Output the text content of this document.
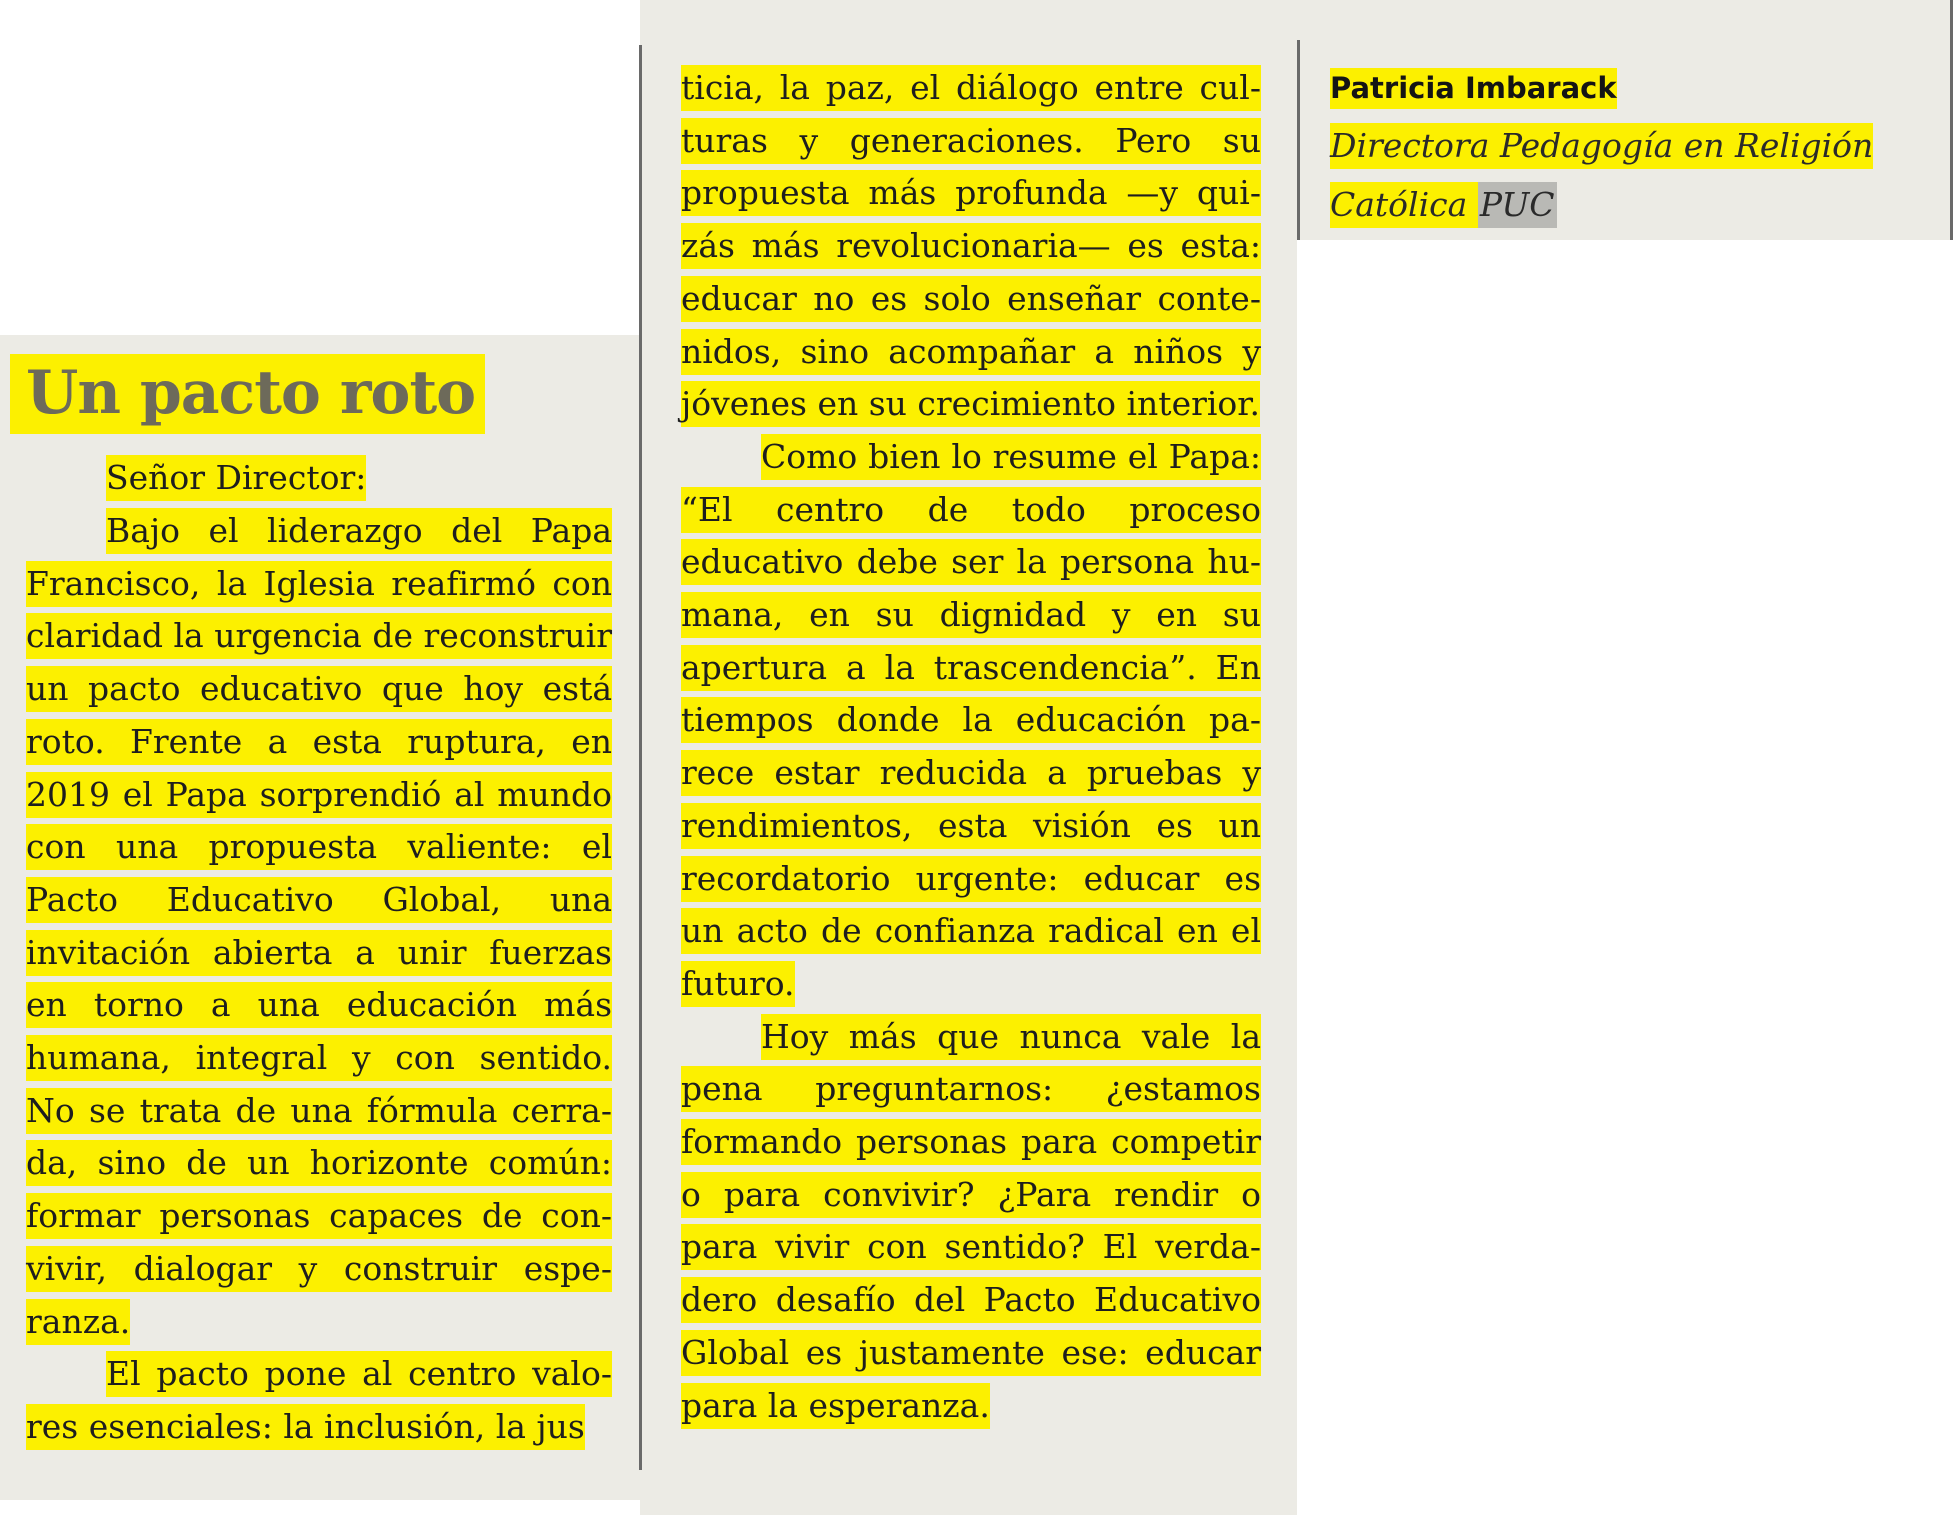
Un pacto roto

Señor Director:

Bajo el liderazgo del Papa Francisco, la Iglesia reafirmó con claridad la urgencia de reconstruir un pacto educativo que hoy está roto. Frente a esta ruptura, en 2019 el Papa sorprendió al mundo con una propuesta valiente: el Pacto Educativo Global, una invitación abierta a unir fuerzas en torno a una educación más humana, integral y con sentido. No se trata de una fórmula cerrada, sino de un horizonte común: formar personas capaces de convivir, dialogar y construir esperanza.

El pacto pone al centro valores esenciales: la inclusión, la jus

ticia, la paz, el diálogo entre culturas y generaciones. Pero su propuesta más profunda —y quizás más revolucionaria— es esta: educar no es solo enseñar contenidos, sino acompañar a niños y jóvenes en su crecimiento interior.

Como bien lo resume el Papa: “El centro de todo proceso educativo debe ser la persona humana, en su dignidad y en su apertura a la trascendencia”. En tiempos donde la educación parece estar reducida a pruebas y rendimientos, esta visión es un recordatorio urgente: educar es un acto de confianza radical en el futuro.

Hoy más que nunca vale la pena preguntarnos: ¿estamos formando personas para competir o para convivir? ¿Para rendir o para vivir con sentido? El verdadero desafío del Pacto Educativo Global es justamente ese: educar para la esperanza.

Patricia Imbarack
Directora Pedagogía en Religión
Católica PUC
